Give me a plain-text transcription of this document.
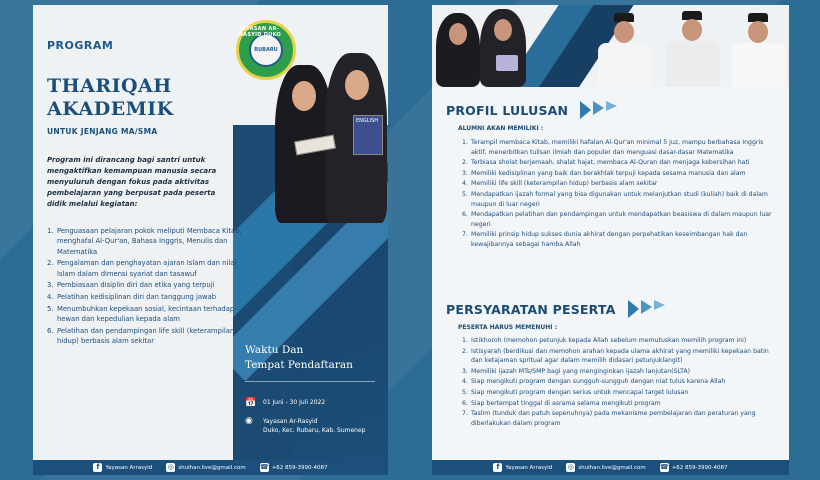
YAYASAN AR-RASYID DUKO
RUBARU
ENGLISH
PROGRAM
THARIQAH
AKADEMIK
UNTUK JENJANG MA/SMA
Program ini dirancang bagi santri untuk mengaktifkan kemampuan manusia secara menyuluruh dengan fokus pada aktivitas pembelajaran yang berpusat pada peserta didik melalui kegiatan:
1. Penguasaan pelajaran pokok meliputi Membaca Kitab, menghafal Al-Qur'an, Bahasa Inggris, Menulis dan Matematika
2. Pengalaman dan penghayatan ajaran Islam dan nilai Islam dalam dimensi syariat dan tasawuf
3. Pembiasaan disiplin diri dan etika yang terpuji
4. Pelatihan kedisiplinan diri dan tanggung jawab
5. Menumbuhkan kepekaan sosial, kecintaan terhadap hewan dan kepedulian kepada alam
6. Pelatihan dan pendampingan life skill (keterampilan hidup) berbasis alam sekitar
Waktu Dan
Tempat Pendaftaran
📅 01 Juni - 30 Juli 2022
◉	Yayasan Ar-Rasyid
Duko, Kec. Rubaru, Kab. Sumenep
f Yayasan Arrasyid ◎ shulhan.live@gmail.com ☎ +62 859-3990-4087
PROFIL LULUSAN
ALUMNI AKAN MEMILIKI :
1. Terampil membaca Kitab, memiliki hafalan Al-Qur'an minimal 5 juz, mampu berbahasa Inggris aktif, menerbitkan tulisan ilmiah dan populer dan menguasi dasar-dasar Matematika
2. Terbiasa sholat berjemaah, shalat hajat, membaca Al-Quran dan menjaga kebersihan hati
3. Memiliki kedisiplinan yang baik dan berakhlak terpuji kepada sesama manusia dan alam
4. Memiliki life skill (keterampilan hidup) berbasis alam sekitar
5. Mendapatkan ijazah formal yang bisa digunakan untuk melanjutkan studi (kuliah) baik di dalam maupun di luar negeri
6. Mendapatkan pelatihan dan pendampingan untuk mendapatkan beasiswa di dalam maupun luar negeri
7. Memiliki prinsip hidup sukses dunia akhirat dengan perpehatikan keseimbangan hak dan kewajibannya sebagai hamba Allah
PERSYARATAN PESERTA
PESERTA HARUS MEMENUHI :
1. Istikhoroh (memohon petunjuk kepada Allah sebelum memutuskan memilih program ini)
2. Istisyarah (berdikusi dan memohon arahan kepada ulama akhirat yang memiliki kepekaan batin dan ketajaman spritual agar dalam memilih didasari petunjuklangit)
3. Memiliki ijazah MTs/SMP bagi yang menginginkan ijazah lanjutan(SLTA)
4. Siap mengikuti program dengan sungguh-sungguh dengan niat tulus karena Allah
5. Siap mengikuti program dengan serius untuk mencapai target lulusan
6. Siap bertempat tinggal di asrama selama mengikuti program
7. Taslim (tunduk dan patuh sepenuhnya) pada mekanisme pembelajaran dan peraturan yang diberlakukan dalam program
f Yayasan Arrasyid ◎ shulhan.live@gmail.com ☎ +62 859-3990-4087
